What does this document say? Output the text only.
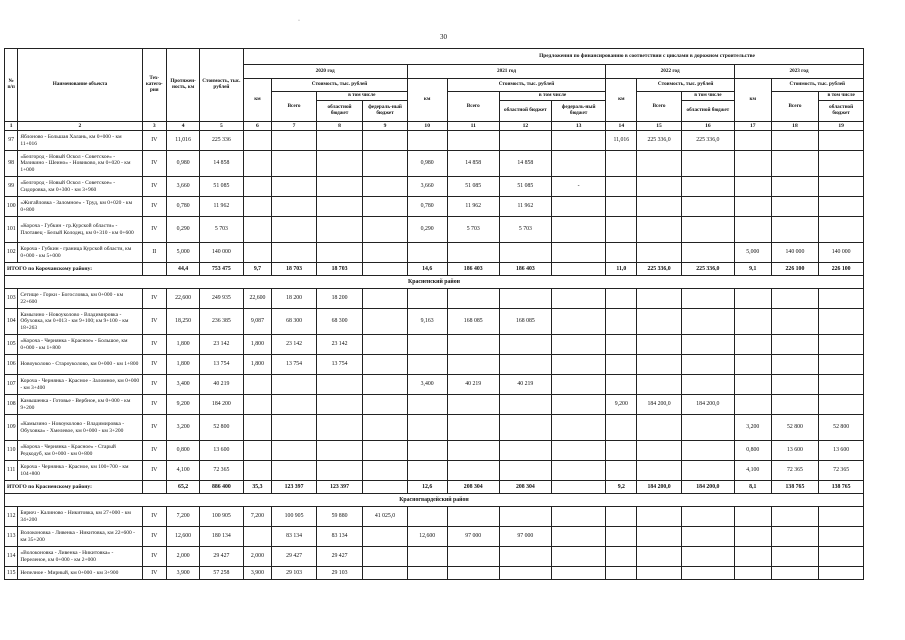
30
Предложения по финансированию в соответствии с циклами в дорожном строительстве
№ п/п	Наименование объекта	Тех-катего-рия	Протяжен-ность, км	Стоимость, тыс. рублей														
					2020 год				2021 год				2022 год			2023 год		
					км	Стоимость, тыс. рублей			км	Стоимость, тыс. рублей			км	Стоимость, тыс. рублей		км	Стоимость, тыс. рублей	
						Всего	в том числе			Всего	в том числе			Всего	в том числе		Всего	в том числе
							областной бюджет	федераль-ный бюджет			областной бюджет	федераль-ный бюджет			областной бюджет			областной бюджет
1	2	3	4	5	6	7	8	9	10	11	12	13	14	15	16	17	18	19
97	Яблоново - Большая Халань, км 0+000 - км 11+016	IV	11,016	225 336									11,016	225 336,0	225 336,0			
98	«Белгород - Новый Оскол - Советское» - Мазикино - Шеино» - Новиково, км 0+020 - км 1+000	IV	0,980	14 858					0,980	14 858	14 858							
99	«Белгород - Новый Оскол - Советское» - Сидоровка, км 0+300 - км 3+960	IV	3,660	51 085					3,660	51 085	51 085	-						
100	«Жигайловка - Заломное» - Труд, км 0+020 - км 0+800	IV	0,780	11 962					0,780	11 962	11 962							
101	«Короча - Губкин - гр.Курской области» - Плотавец - Белый Колодец, км 0+310 - км 0+600	IV	0,290	5 703					0,290	5 703	5 703							
102	Короча - Губкин - граница Курской области, км 0+000 - км 5+000	II	5,000	140 000												5,000	140 000	140 000
ИТОГО по Корочанскому району:			44,4	753 475	9,7	18 703	18 703		14,6	186 403	186 403		11,0	225 336,0	225 336,0	9,1	226 100	226 100
Красненский район																		
103	Сетище - Горки - Богословка, км 0+000 - км 22+600	IV	22,600	249 935	22,600	18 200	18 200											
104	Камызино - Новоуколово - Владимировка - Обуховка, км 0+013 - км 9+100; км 9+100 - км 18+263	IV	18,250	236 385	9,087	68 300	68 300		9,163	168 085	168 085							
105	«Короча - Чернянка - Красное» - Большое, км 0+000 - км 1+800	IV	1,800	23 142	1,800	23 142	23 142											
106	Новоуколово - Староуколово, км 0+000 - км 1+800	IV	1,800	13 754	1,800	13 754	13 754											
107	Короча - Чернянка - Красное - Заломное, км 0+000 - км 3+400	IV	3,400	40 219					3,400	40 219	40 219							
108	Камышенка - Готовье - Вербное, км 0+000 - км 9+200	IV	9,200	184 200									9,200	184 200,0	184 200,0			
109	«Камызино - Новоуколово - Владимировка - Обуховка» - Хмелевое, км 0+000 - км 3+200	IV	3,200	52 800												3,200	52 800	52 800
110	«Короча - Чернянка - Красное» - Старый Редкодуб, км 0+000 - км 0+800	IV	0,800	13 600												0,800	13 600	13 600
111	Короча - Чернянка - Красное, км 100+700 - км 104+800	IV	4,100	72 365												4,100	72 365	72 365
ИТОГО по Красненскому району:			65,2	886 400	35,3	123 397	123 397		12,6	208 304	208 304		9,2	184 200,0	184 200,0	8,1	138 765	138 765
Красногвардейский район																		
112	Бирюч - Калиново - Никитовка, км 27+000 - км 34+200	IV	7,200	100 905	7,200	100 905	59 880	41 025,0										
113	Волоконовка - Ливенка - Никитовка, км 22+600 - км 35+200	IV	12,600	180 134		83 134	83 134		12,600	97 000	97 000							
114	«Волоконовка - Ливенка - Никитовка» - Переленое, км 0+000 - км 2+000	IV	2,000	29 427	2,000	29 427	29 427											
115	Непелное - Мирный, км 0+000 - км 3+900	IV	3,900	57 258	3,900	29 103	29 103											
·
